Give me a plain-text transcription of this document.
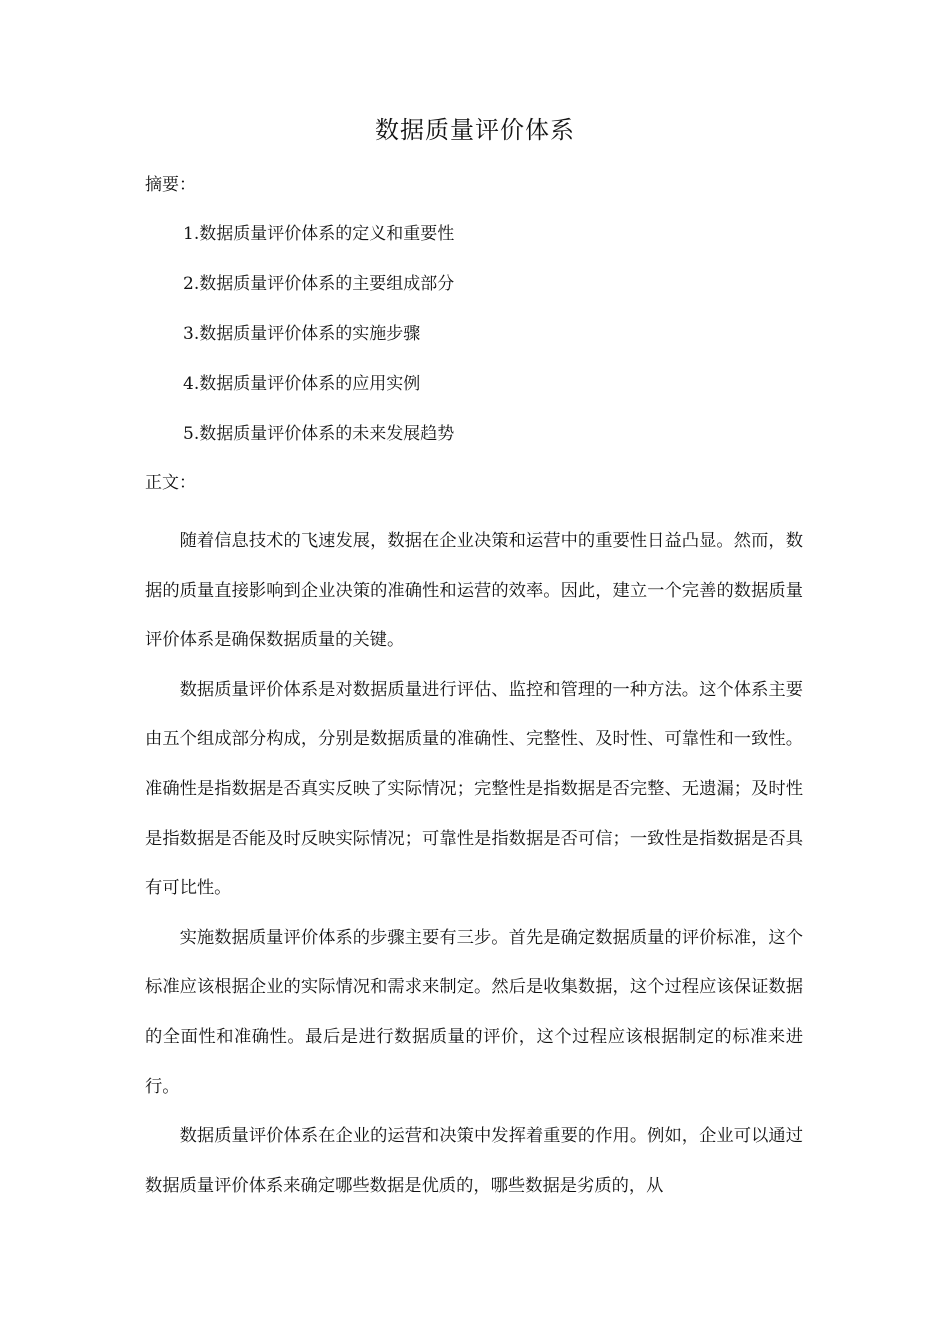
数据质量评价体系
摘要：
1.数据质量评价体系的定义和重要性
2.数据质量评价体系的主要组成部分
3.数据质量评价体系的实施步骤
4.数据质量评价体系的应用实例
5.数据质量评价体系的未来发展趋势
正文：

随着信息技术的飞速发展，数据在企业决策和运营中的重要性日益凸显。然而，数据的质量直接影响到企业决策的准确性和运营的效率。因此，建立一个完善的数据质量评价体系是确保数据质量的关键。

数据质量评价体系是对数据质量进行评估、监控和管理的一种方法。这个体系主要由五个组成部分构成，分别是数据质量的准确性、完整性、及时性、可靠性和一致性。准确性是指数据是否真实反映了实际情况；完整性是指数据是否完整、无遗漏；及时性是指数据是否能及时反映实际情况；可靠性是指数据是否可信；一致性是指数据是否具有可比性。

实施数据质量评价体系的步骤主要有三步。首先是确定数据质量的评价标准，这个标准应该根据企业的实际情况和需求来制定。然后是收集数据，这个过程应该保证数据的全面性和准确性。最后是进行数据质量的评价，这个过程应该根据制定的标准来进行。

数据质量评价体系在企业的运营和决策中发挥着重要的作用。例如，企业可以通过数据质量评价体系来确定哪些数据是优质的，哪些数据是劣质的，从
